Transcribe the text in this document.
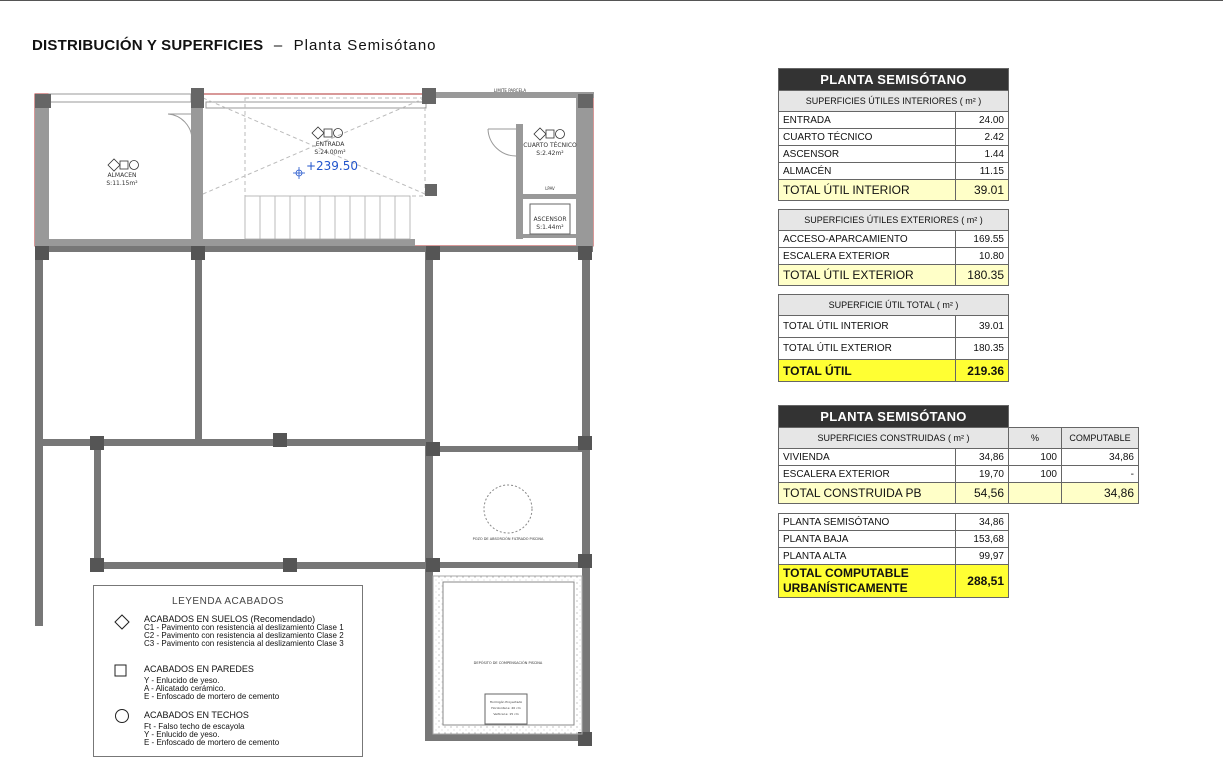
DISTRIBUCIÓN Y SUPERFICIES – Planta Semisótano
ALMACEN
S:11.15m²
ENTRADA
S:24.00m²
+239.50
CUARTO TÉCNICO
S:2.42m²
ASCENSOR
S:1.44m²
LIMITE PARCELA
LPAV
POZO DE ABSORCIÓN FILTRADO PISCINA
DEPÓSITO DE COMPENSACIÓN PISCINA
Hormigón Proyectado
Horizontal e: 20 cm
Vertical e: 15 cm
LEYENDA ACABADOS
ACABADOS EN SUELOS (Recomendado)
C1 - Pavimento con resistencia al deslizamiento Clase 1
C2 - Pavimento con resistencia al deslizamiento Clase 2
C3 - Pavimento con resistencia al deslizamiento Clase 3
ACABADOS EN PAREDES
Y - Enlucido de yeso.
A - Alicatado cerámico.
E - Enfoscado de mortero de cemento
ACABADOS EN TECHOS
Ft - Falso techo de escayola
Y - Enlucido de yeso.
E - Enfoscado de mortero de cemento
PLANTA SEMISÓTANO	
SUPERFICIES ÚTILES INTERIORES ( m² )	
ENTRADA	24.00
CUARTO TÉCNICO	2.42
ASCENSOR	1.44
ALMACÉN	11.15
TOTAL ÚTIL INTERIOR	39.01
SUPERFICIES ÚTILES EXTERIORES ( m² )	
ACCESO-APARCAMIENTO	169.55
ESCALERA EXTERIOR	10.80
TOTAL ÚTIL EXTERIOR	180.35
SUPERFICIE ÚTIL TOTAL ( m² )	
TOTAL ÚTIL INTERIOR	39.01
TOTAL ÚTIL EXTERIOR	180.35
TOTAL ÚTIL	219.36
PLANTA SEMISÓTANO			
SUPERFICIES CONSTRUIDAS ( m² )		%	COMPUTABLE
VIVIENDA	34,86	100	34,86
ESCALERA EXTERIOR	19,70	100	-
TOTAL CONSTRUIDA PB	54,56		34,86
PLANTA SEMISÓTANO	34,86
PLANTA BAJA	153,68
PLANTA ALTA	99,97

TOTAL COMPUTABLE
URBANÍSTICAMENTE	288,51
